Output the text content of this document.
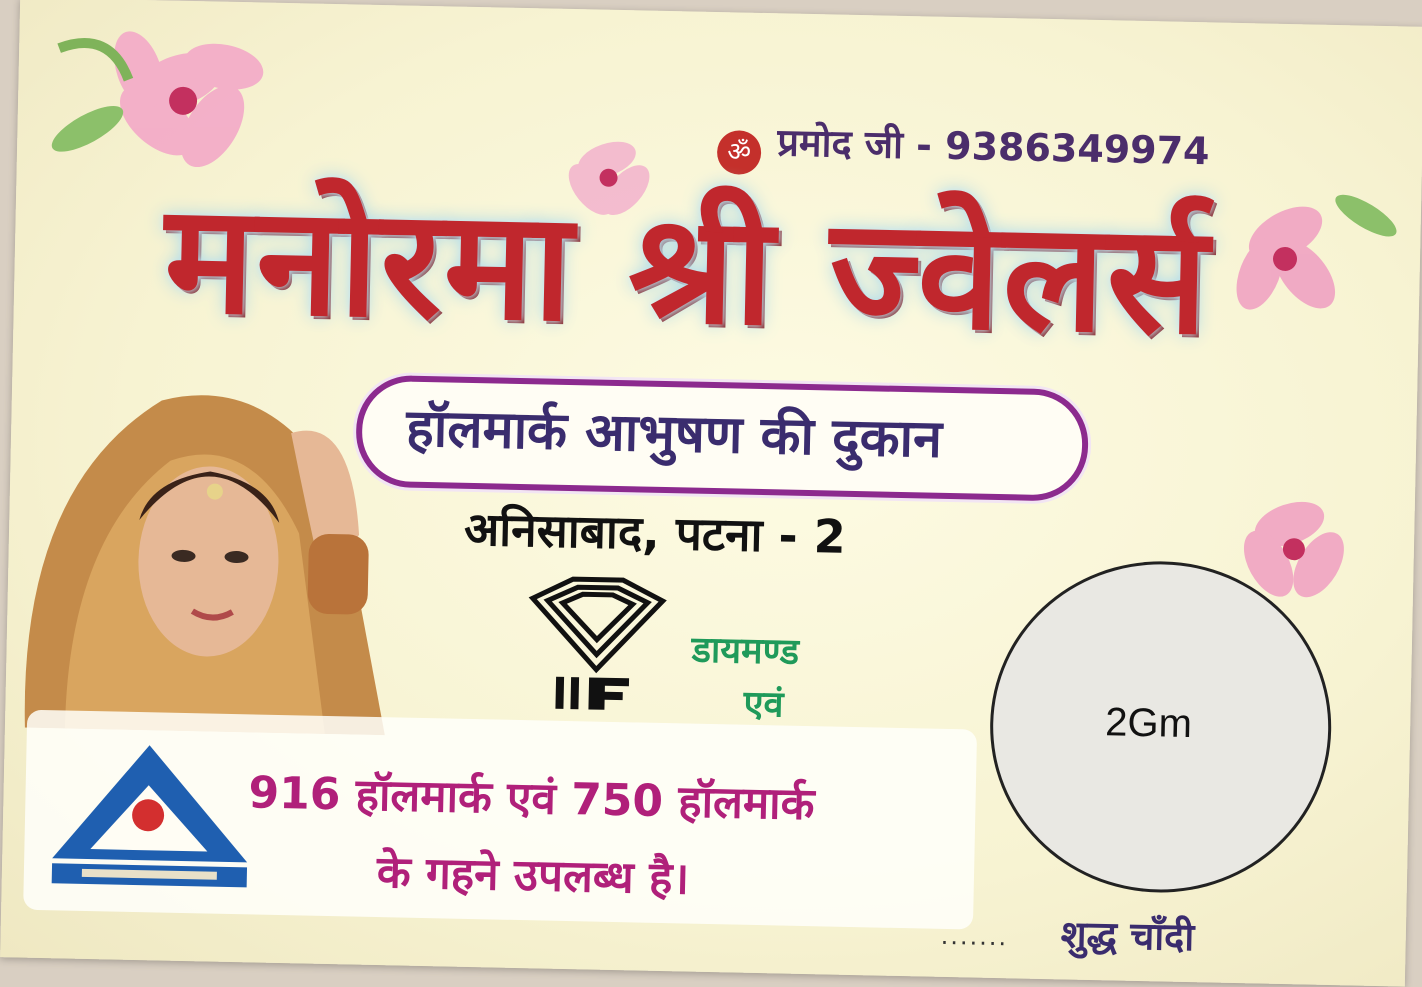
ॐ प्रमोद जी - 9386349974
मनोरमा श्री ज्वेलर्स
हॉलमार्क आभुषण की दुकान
अनिसाबाद, पटना - 2
डायमण्ड
एवं
916 हॉलमार्क एवं 750 हॉलमार्क
के गहने उपलब्ध है।
2Gm
....... शुद्ध चाँदी
